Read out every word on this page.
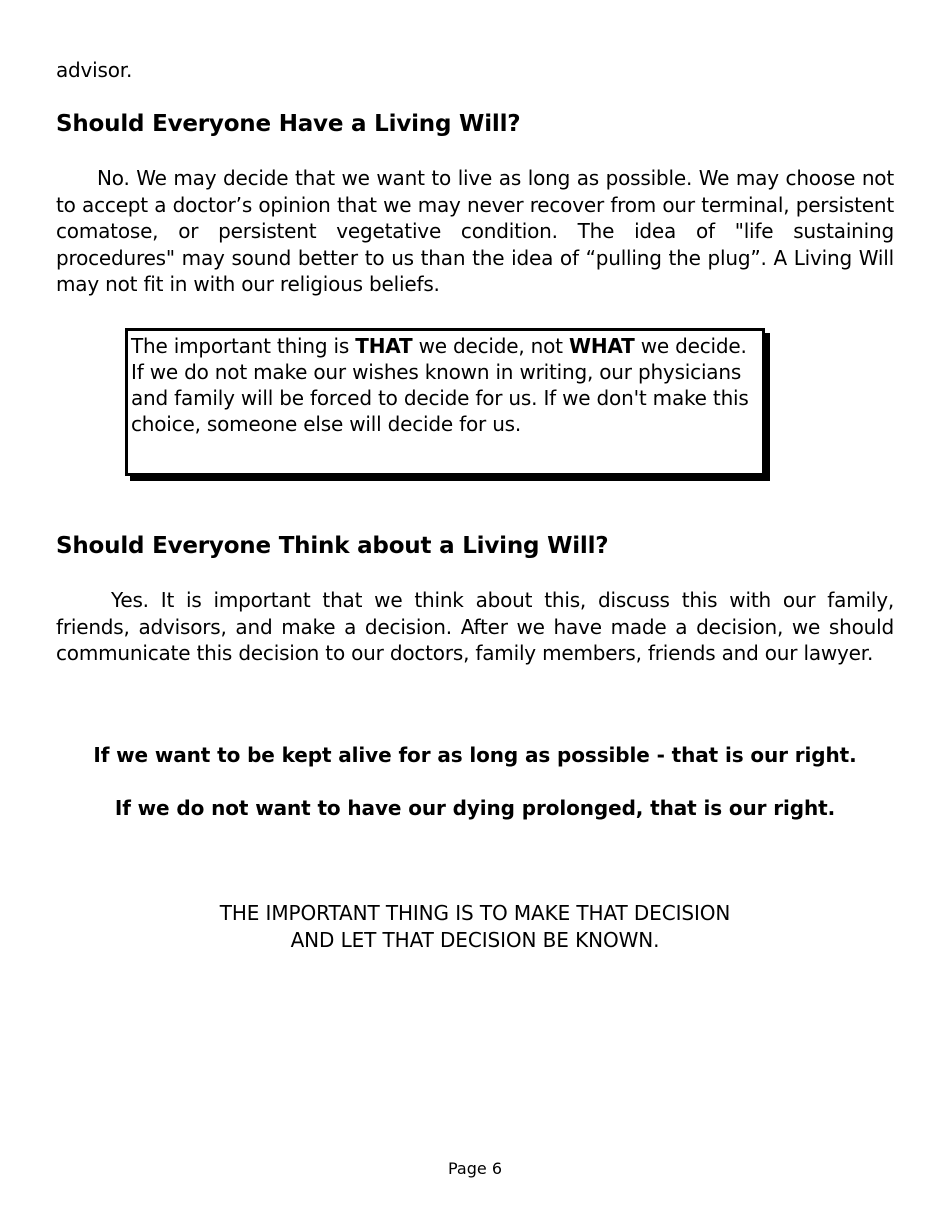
advisor.
Should Everyone Have a Living Will?
No. We may decide that we want to live as long as possible. We may choose not to accept a doctor’s opinion that we may never recover from our terminal, persistent comatose, or persistent vegetative condition. The idea of "life sustaining procedures" may sound better to us than the idea of “pulling the plug”. A Living Will may not fit in with our religious beliefs.
The important thing is THAT we decide, not WHAT we decide. If we do not make our wishes known in writing, our physicians and family will be forced to decide for us. If we don't make this choice, someone else will decide for us.
Should Everyone Think about a Living Will?
Yes. It is important that we think about this, discuss this with our family, friends, advisors, and make a decision. After we have made a decision, we should communicate this decision to our doctors, family members, friends and our lawyer.
If we want to be kept alive for as long as possible - that is our right.
If we do not want to have our dying prolonged, that is our right.
THE IMPORTANT THING IS TO MAKE THAT DECISION
AND LET THAT DECISION BE KNOWN.
Page 6
